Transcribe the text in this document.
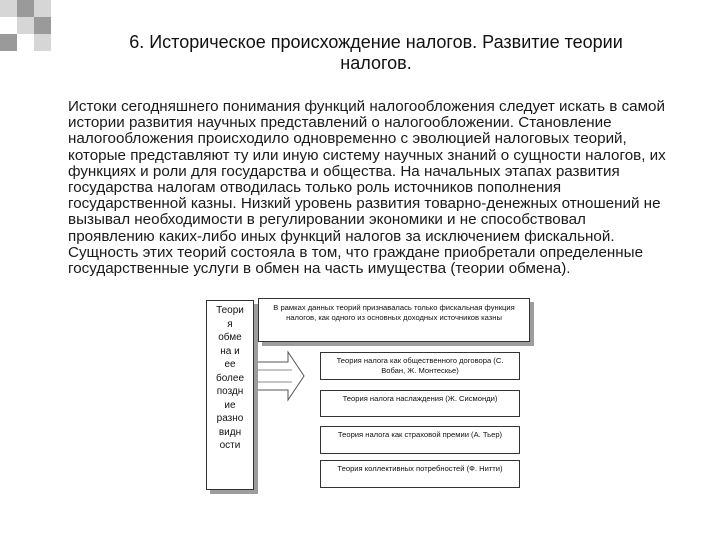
6. Историческое происхождение налогов. Развитие теории налогов.
Истоки сегодняшнего понимания функций налогообложения следует искать в самой истории развития научных представлений о налогообложении. Становление налогообложения происходило одновременно с эволюцией налоговых теорий, которые представляют ту или иную систему научных знаний о сущности налогов, их функциях и роли для государства и общества. На начальных этапах развития государства налогам отводилась только роль источников пополнения государственной казны. Низкий уровень развития товарно-денежных отношений не вызывал необходимости в регулировании экономики и не способствовал проявлению каких-либо иных функций налогов за исключением фискальной. Сущность этих теорий состояла в том, что граждане приобретали определенные государственные услуги в обмен на часть имущества (теории обмена).
Теори
я
обме
на и
ее
более
поздн
ие
разно
видн
ости
В рамках данных теорий признавалась только фискальная функция налогов, как одного из основных доходных источников казны
Теория налога как общественного договора (С. Вобан, Ж. Монтескье)
Теория налога наслаждения (Ж. Сисмонди)
Теория налога как страховой премии (А. Тьер)
Теория коллективных потребностей (Ф. Нитти)
